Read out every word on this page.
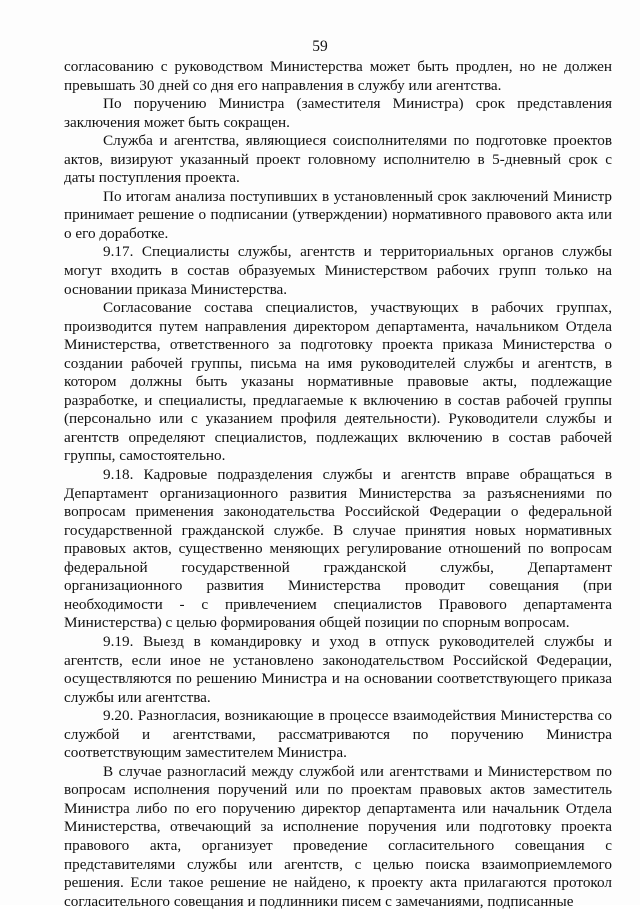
59

согласованию с руководством Министерства может быть продлен, но не должен превышать 30 дней со дня его направления в службу или агентства.

По поручению Министра (заместителя Министра) срок представления заключения может быть сокращен.

Служба и агентства, являющиеся соисполнителями по подготовке проектов актов, визируют указанный проект головному исполнителю в 5-дневный срок с даты поступления проекта.

По итогам анализа поступивших в установленный срок заключений Министр принимает решение о подписании (утверждении) нормативного правового акта или о его доработке.

9.17. Специалисты службы, агентств и территориальных органов службы могут входить в состав образуемых Министерством рабочих групп только на основании приказа Министерства.

Согласование состава специалистов, участвующих в рабочих группах, производится путем направления директором департамента, начальником Отдела Министерства, ответственного за подготовку проекта приказа Министерства о создании рабочей группы, письма на имя руководителей службы и агентств, в котором должны быть указаны нормативные правовые акты, подлежащие разработке, и специалисты, предлагаемые к включению в состав рабочей группы (персонально или с указанием профиля деятельности). Руководители службы и агентств определяют специалистов, подлежащих включению в состав рабочей группы, самостоятельно.

9.18. Кадровые подразделения службы и агентств вправе обращаться в Департамент организационного развития Министерства за разъяснениями по вопросам применения законодательства Российской Федерации о федеральной государственной гражданской службе. В случае принятия новых нормативных правовых актов, существенно меняющих регулирование отношений по вопросам федеральной государственной гражданской службы, Департамент организационного развития Министерства проводит совещания (при необходимости - с привлечением специалистов Правового департамента Министерства) с целью формирования общей позиции по спорным вопросам.

9.19. Выезд в командировку и уход в отпуск руководителей службы и агентств, если иное не установлено законодательством Российской Федерации, осуществляются по решению Министра и на основании соответствующего приказа службы или агентства.

9.20. Разногласия, возникающие в процессе взаимодействия Министерства со службой и агентствами, рассматриваются по поручению Министра соответствующим заместителем Министра.

В случае разногласий между службой или агентствами и Министерством по вопросам исполнения поручений или по проектам правовых актов заместитель Министра либо по его поручению директор департамента или начальник Отдела Министерства, отвечающий за исполнение поручения или подготовку проекта правового акта, организует проведение согласительного совещания с представителями службы или агентств, с целью поиска взаимоприемлемого решения. Если такое решение не найдено, к проекту акта прилагаются протокол согласительного совещания и подлинники писем с замечаниями, подписанные
